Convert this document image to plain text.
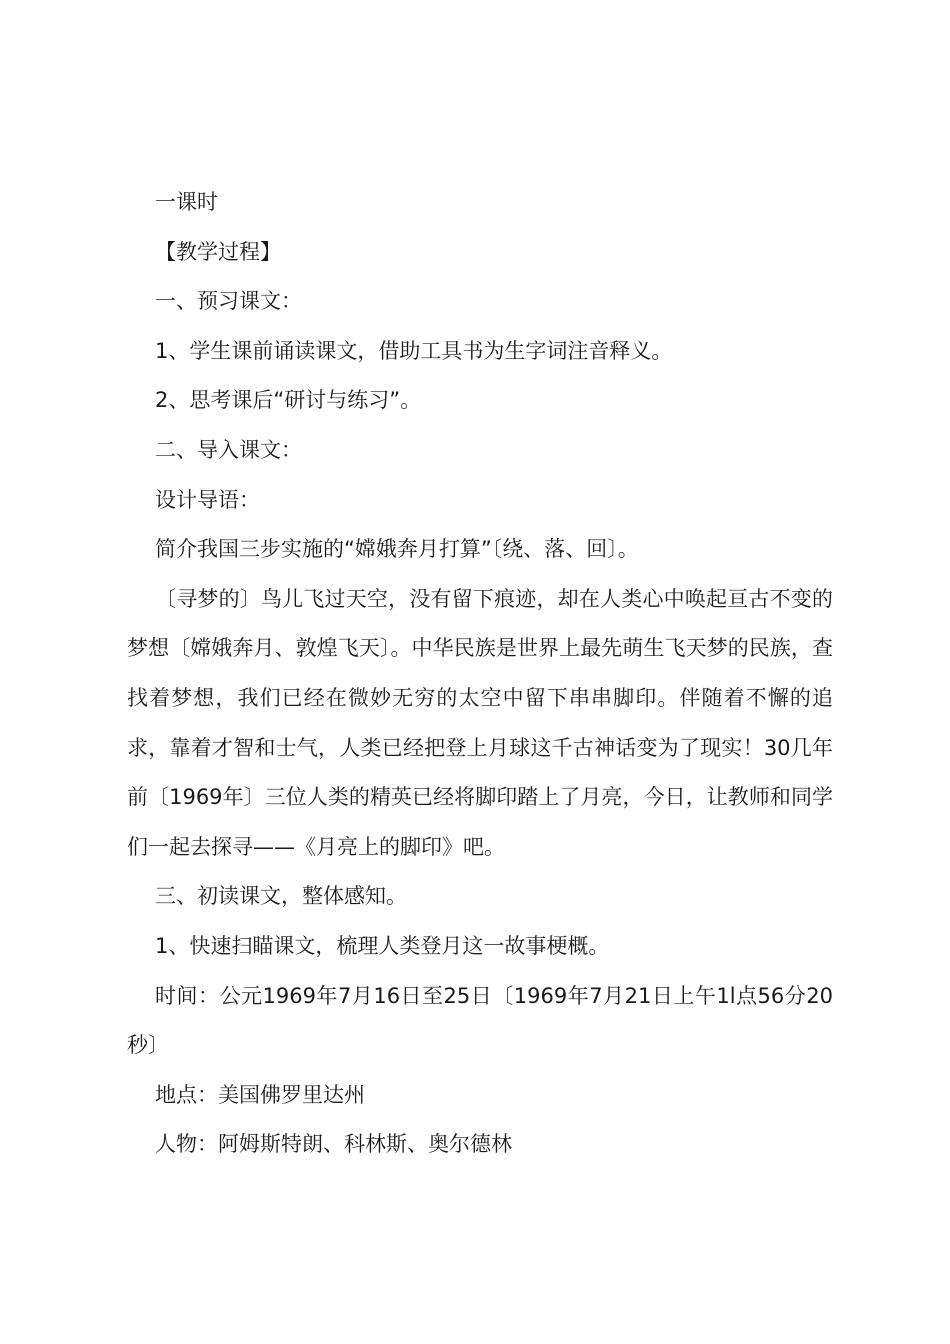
一课时

【教学过程】

一、预习课文：

1、学生课前诵读课文，借助工具书为生字词注音释义。

2、思考课后“研讨与练习”。

二、导入课文：

设计导语：

简介我国三步实施的“嫦娥奔月打算”〔绕、落、回〕。

〔寻梦的〕鸟儿飞过天空，没有留下痕迹，却在人类心中唤起亘古不变的梦想〔嫦娥奔月、敦煌飞天〕。中华民族是世界上最先萌生飞天梦的民族，查找着梦想，我们已经在微妙无穷的太空中留下串串脚印。伴随着不懈的追求，靠着才智和士气，人类已经把登上月球这千古神话变为了现实！30几年前〔1969年〕三位人类的精英已经将脚印踏上了月亮，今日，让教师和同学们一起去探寻——《月亮上的脚印》吧。

三、初读课文，整体感知。

1、快速扫瞄课文，梳理人类登月这一故事梗概。

时间：公元1969年7月16日至25日〔1969年7月21日上午1l点56分20秒〕

地点：美国佛罗里达州

人物：阿姆斯特朗、科林斯、奥尔德林
